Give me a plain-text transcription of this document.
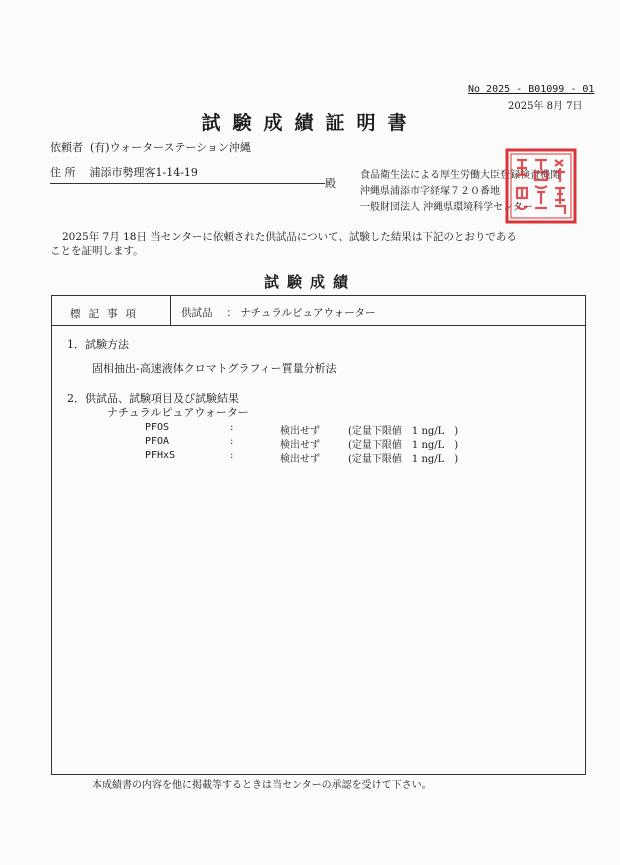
No 2025 - B01099 - 01
2025年 8月 7日
試験成績証明書
依頼者 (有)ウォーターステーション沖縄
住 所 浦添市勢理客1-14-19
殿
食品衛生法による厚生労働大臣登録検査機関
沖縄県浦添市字経塚７２０番地
一般財団法人 沖縄県環境科学センター
2025年 7月 18日 当センターに依頼された供試品について、試験した結果は下記のとおりである
ことを証明します。
試験成績
標記事項	供試品　 ： ナチュラルピュアウォーター
1．試験方法
固相抽出-高速液体クロマトグラフィー質量分析法
2．供試品、試験項目及び試験結果
ナチュラルピュアウォーター
PFOS	:	検出せず	(定量下限値　1 ng/L　)
PFOA	:	検出せず	(定量下限値　1 ng/L　)
PFHxS	:	検出せず	(定量下限値　1 ng/L　)
本成績書の内容を他に掲載等するときは当センターの承認を受けて下さい。
